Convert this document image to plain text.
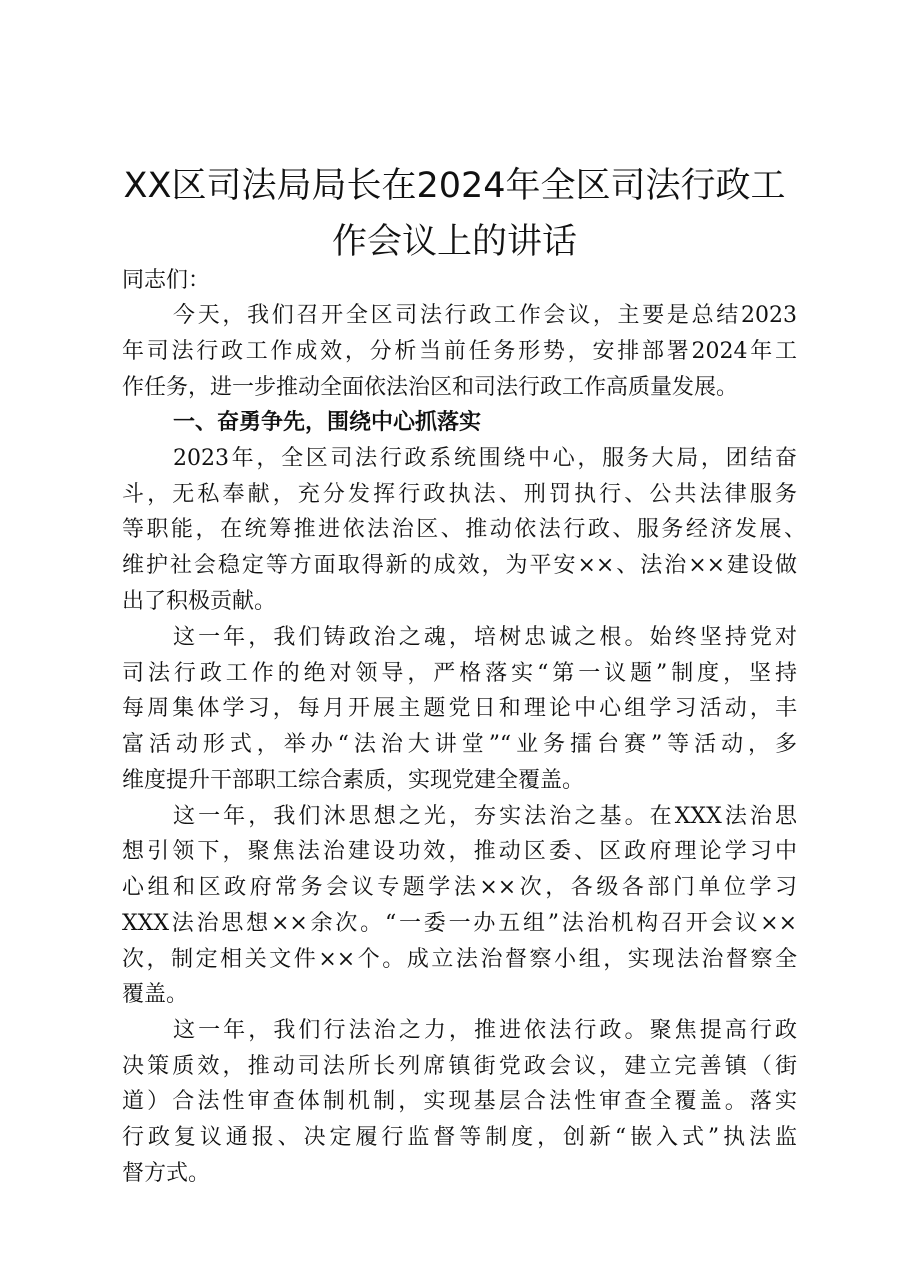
XX区司法局局长在2024年全区司法行政工
作会议上的讲话
同志们：
今天，我们召开全区司法行政工作会议，主要是总结2023
年司法行政工作成效，分析当前任务形势，安排部署2024年工
作任务，进一步推动全面依法治区和司法行政工作高质量发展。
一、奋勇争先，围绕中心抓落实
2023年，全区司法行政系统围绕中心，服务大局，团结奋
斗，无私奉献，充分发挥行政执法、刑罚执行、公共法律服务
等职能，在统筹推进依法治区、推动依法行政、服务经济发展、
维护社会稳定等方面取得新的成效，为平安××、法治××建设做
出了积极贡献。
这一年，我们铸政治之魂，培树忠诚之根。始终坚持党对
司法行政工作的绝对领导，严格落实“第一议题”制度，坚持
每周集体学习，每月开展主题党日和理论中心组学习活动，丰
富活动形式，举办“法治大讲堂”“业务擂台赛”等活动，多
维度提升干部职工综合素质，实现党建全覆盖。
这一年，我们沐思想之光，夯实法治之基。在XXX法治思
想引领下，聚焦法治建设功效，推动区委、区政府理论学习中
心组和区政府常务会议专题学法××次，各级各部门单位学习
XXX法治思想××余次。“一委一办五组”法治机构召开会议××
次，制定相关文件××个。成立法治督察小组，实现法治督察全
覆盖。
这一年，我们行法治之力，推进依法行政。聚焦提高行政
决策质效，推动司法所长列席镇街党政会议，建立完善镇（街
道）合法性审查体制机制，实现基层合法性审查全覆盖。落实
行政复议通报、决定履行监督等制度，创新“嵌入式”执法监
督方式。
